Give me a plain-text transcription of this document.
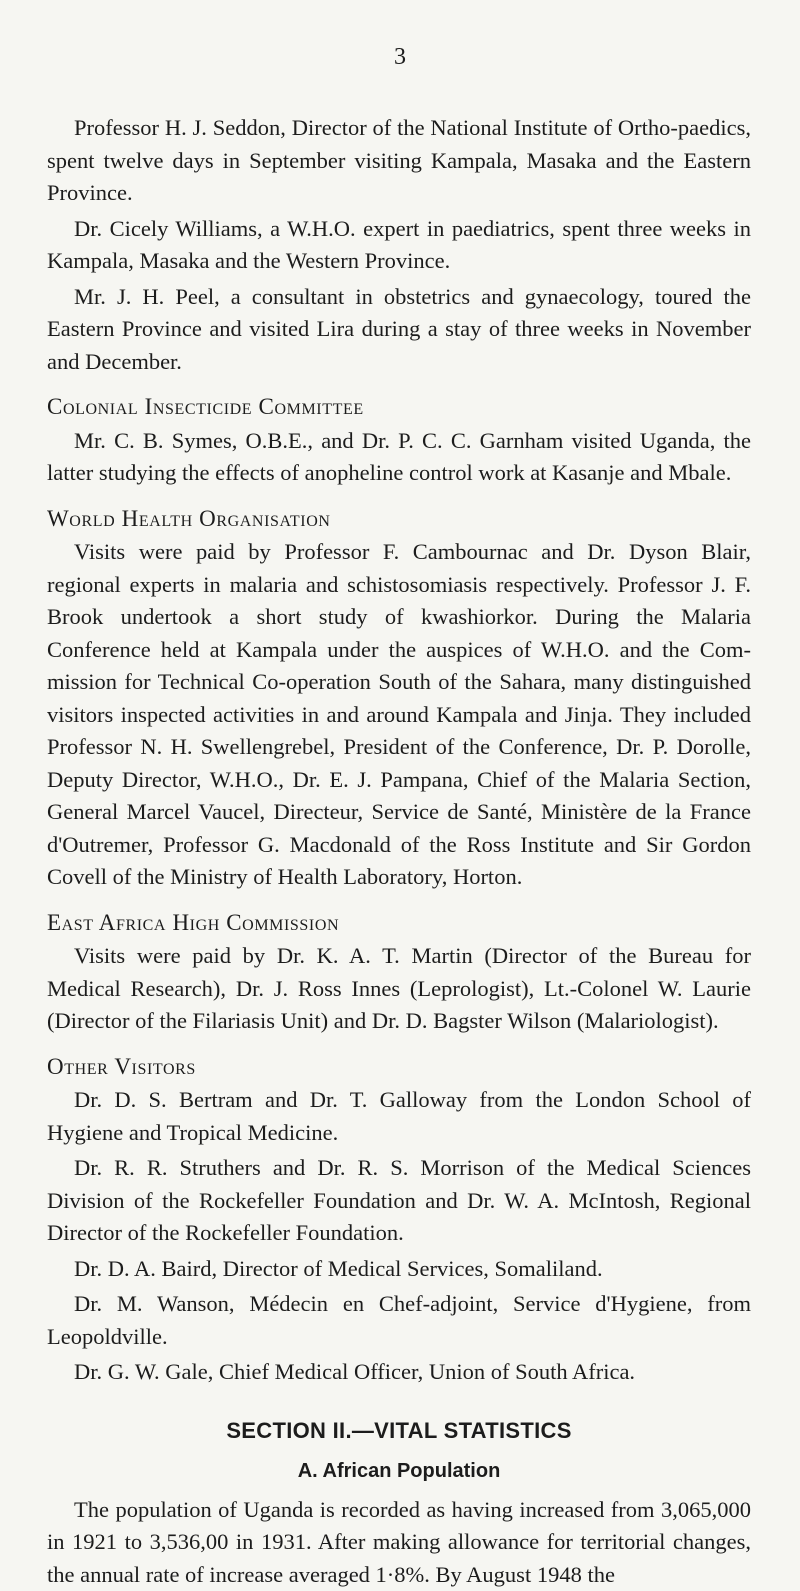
3

Professor H. J. Seddon, Director of the National Institute of Ortho-paedics, spent twelve days in September visiting Kampala, Masaka and the Eastern Province.

Dr. Cicely Williams, a W.H.O. expert in paediatrics, spent three weeks in Kampala, Masaka and the Western Province.

Mr. J. H. Peel, a consultant in obstetrics and gynaecology, toured the Eastern Province and visited Lira during a stay of three weeks in November and December.

Colonial Insecticide Committee

Mr. C. B. Symes, O.B.E., and Dr. P. C. C. Garnham visited Uganda, the latter studying the effects of anopheline control work at Kasanje and Mbale.

World Health Organisation

Visits were paid by Professor F. Cambournac and Dr. Dyson Blair, regional experts in malaria and schistosomiasis respectively. Professor J. F. Brook undertook a short study of kwashiorkor. During the Malaria Conference held at Kampala under the auspices of W.H.O. and the Com-mission for Technical Co-operation South of the Sahara, many distinguished visitors inspected activities in and around Kampala and Jinja. They included Professor N. H. Swellengrebel, President of the Conference, Dr. P. Dorolle, Deputy Director, W.H.O., Dr. E. J. Pampana, Chief of the Malaria Section, General Marcel Vaucel, Directeur, Service de Santé, Ministère de la France d'Outremer, Professor G. Macdonald of the Ross Institute and Sir Gordon Covell of the Ministry of Health Laboratory, Horton.

East Africa High Commission

Visits were paid by Dr. K. A. T. Martin (Director of the Bureau for Medical Research), Dr. J. Ross Innes (Leprologist), Lt.-Colonel W. Laurie (Director of the Filariasis Unit) and Dr. D. Bagster Wilson (Malariologist).

Other Visitors

Dr. D. S. Bertram and Dr. T. Galloway from the London School of Hygiene and Tropical Medicine.

Dr. R. R. Struthers and Dr. R. S. Morrison of the Medical Sciences Division of the Rockefeller Foundation and Dr. W. A. McIntosh, Regional Director of the Rockefeller Foundation.

Dr. D. A. Baird, Director of Medical Services, Somaliland.

Dr. M. Wanson, Médecin en Chef-adjoint, Service d'Hygiene, from Leopoldville.

Dr. G. W. Gale, Chief Medical Officer, Union of South Africa.

SECTION II.—VITAL STATISTICS
A. African Population

The population of Uganda is recorded as having increased from 3,065,000 in 1921 to 3,536,00 in 1931. After making allowance for territorial changes, the annual rate of increase averaged 1·8%. By August 1948 the
